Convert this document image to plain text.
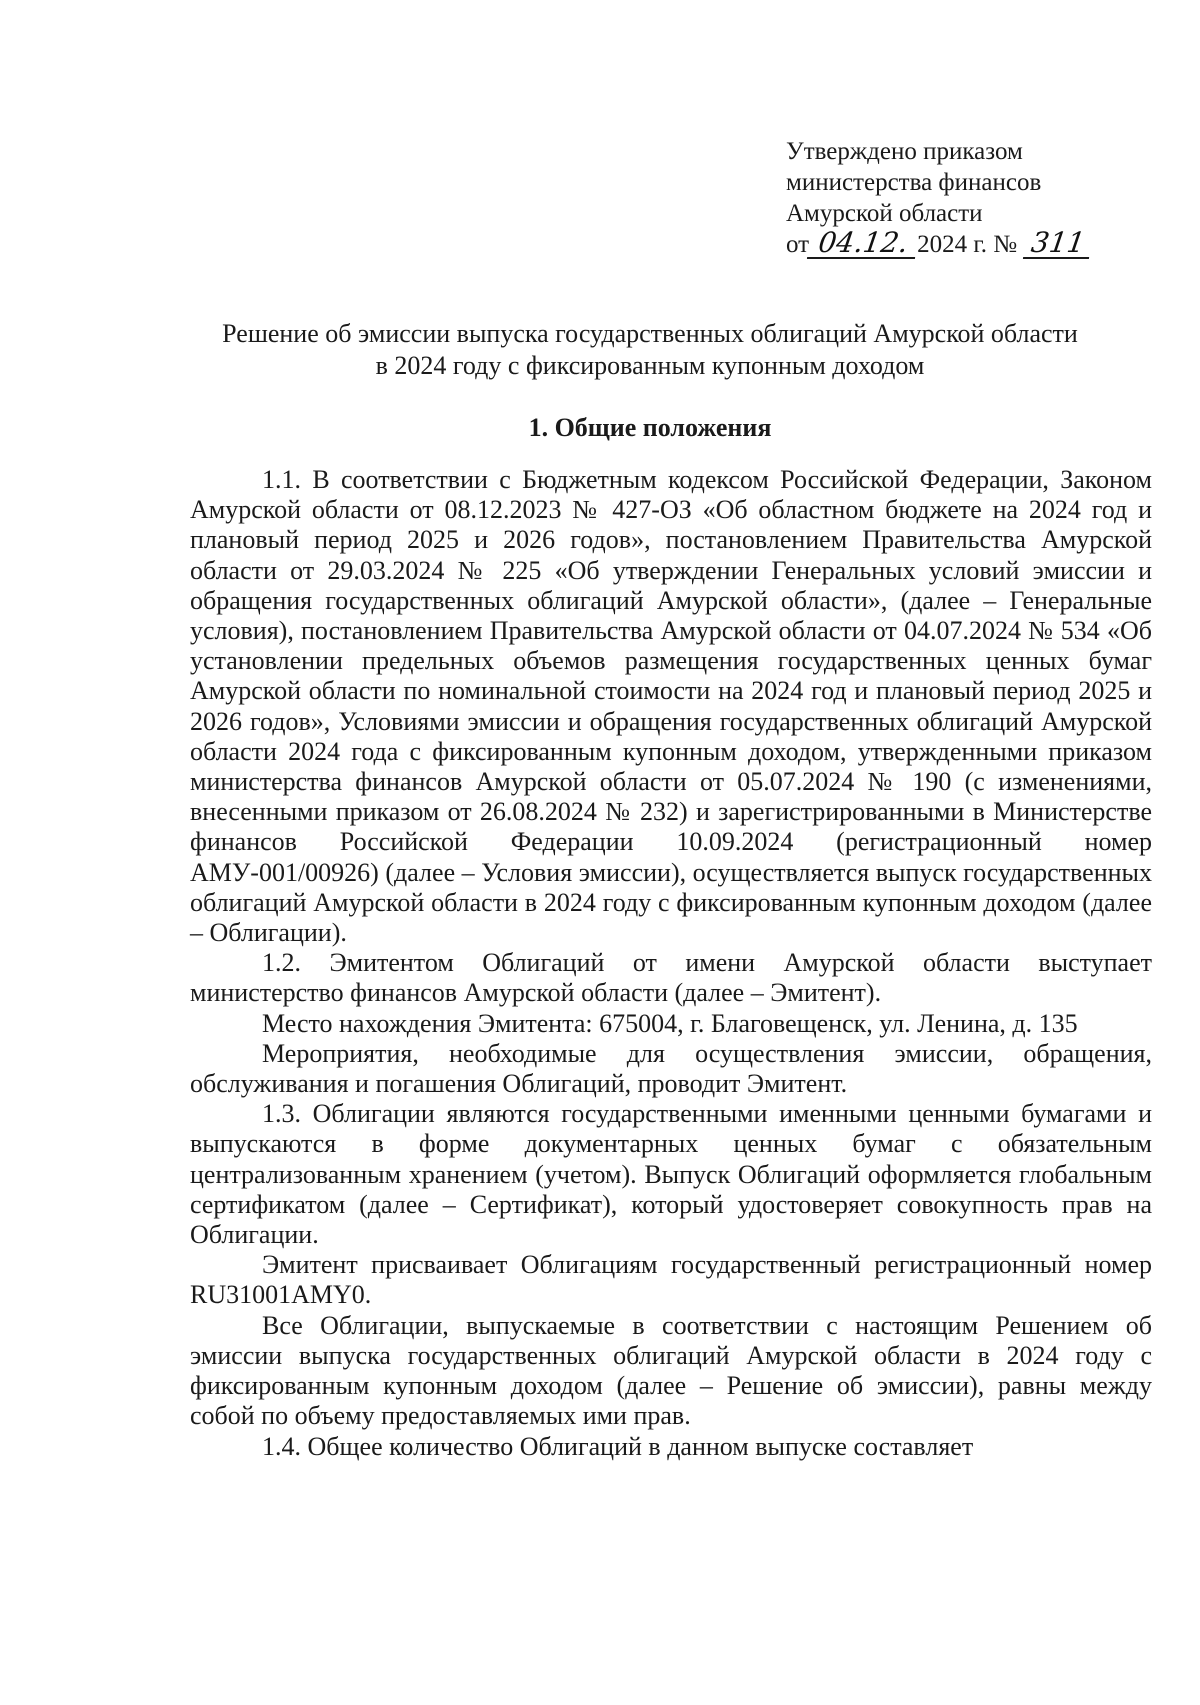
Утверждено приказом
министерства финансов
Амурской области
от 04.12. 2024 г. № 311
Решение об эмиссии выпуска государственных облигаций Амурской области
в 2024 году с фиксированным купонным доходом
1. Общие положения

1.1. В соответствии с Бюджетным кодексом Российской Федерации, Законом Амурской области от 08.12.2023 № 427-ОЗ «Об областном бюджете на 2024 год и плановый период 2025 и 2026 годов», постановлением Правительства Амурской области от 29.03.2024 № 225 «Об утверждении Генеральных условий эмиссии и обращения государственных облигаций Амурской области», (далее – Генеральные условия), постановлением Правительства Амурской области от 04.07.2024 № 534 «Об установлении предельных объемов размещения государственных ценных бумаг Амурской области по номинальной стоимости на 2024 год и плановый период 2025 и 2026 годов», Условиями эмиссии и обращения государственных облигаций Амурской области 2024 года с фиксированным купонным доходом, утвержденными приказом министерства финансов Амурской области от 05.07.2024 № 190 (с изменениями, внесенными приказом от 26.08.2024 № 232) и зарегистрированными в Министерстве финансов Российской Федерации 10.09.2024 (регистрационный номер АМУ-001/00926) (далее – Условия эмиссии), осуществляется выпуск государственных облигаций Амурской области в 2024 году с фиксированным купонным доходом (далее – Облигации).

1.2. Эмитентом Облигаций от имени Амурской области выступает министерство финансов Амурской области (далее – Эмитент).

Место нахождения Эмитента: 675004, г. Благовещенск, ул. Ленина, д. 135

Мероприятия, необходимые для осуществления эмиссии, обращения, обслуживания и погашения Облигаций, проводит Эмитент.

1.3. Облигации являются государственными именными ценными бумагами и выпускаются в форме документарных ценных бумаг с обязательным централизованным хранением (учетом). Выпуск Облигаций оформляется глобальным сертификатом (далее – Сертификат), который удостоверяет совокупность прав на Облигации.

Эмитент присваивает Облигациям государственный регистрационный номер RU31001AMY0.

Все Облигации, выпускаемые в соответствии с настоящим Решением об эмиссии выпуска государственных облигаций Амурской области в 2024 году с фиксированным купонным доходом (далее – Решение об эмиссии), равны между собой по объему предоставляемых ими прав.

1.4. Общее количество Облигаций в данном выпуске составляет
